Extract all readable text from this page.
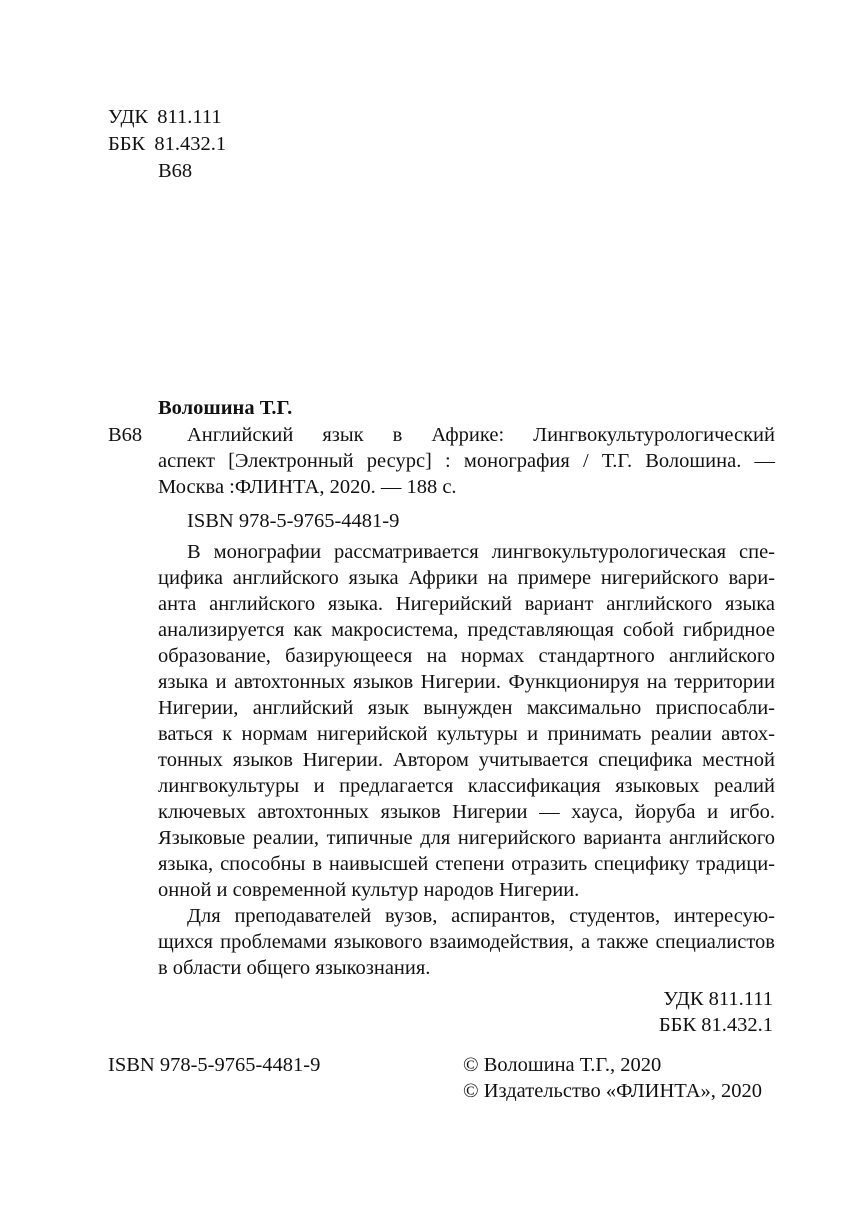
УДК 811.111
ББК 81.432.1
В68
Волошина Т.Г.
В68 Английский язык в Африке: Лингвокультурологический
аспект [Электронный ресурс] : монография / Т.Г. Волошина. —
Москва :ФЛИНТА, 2020. — 188 с.
ISBN 978-5-9765-4481-9
В монографии рассматривается лингвокультурологическая спе-
цифика английского языка Африки на примере нигерийского вари-
анта английского языка. Нигерийский вариант английского языка
анализируется как макросистема, представляющая собой гибридное
образование, базирующееся на нормах стандартного английского
языка и автохтонных языков Нигерии. Функционируя на территории
Нигерии, английский язык вынужден максимально приспосабли-
ваться к нормам нигерийской культуры и принимать реалии автох-
тонных языков Нигерии. Автором учитывается специфика местной
лингвокультуры и предлагается классификация языковых реалий
ключевых автохтонных языков Нигерии — хауса, йоруба и игбо.
Языковые реалии, типичные для нигерийского варианта английского
языка, способны в наивысшей степени отразить специфику традици-
онной и современной культур народов Нигерии.
Для преподавателей вузов, аспирантов, студентов, интересую-
щихся проблемами языкового взаимодействия, а также специалистов
в области общего языкознания.
УДК 811.111
ББК 81.432.1
ISBN 978-5-9765-4481-9	© Волошина Т.Г., 2020
© Издательство «ФЛИНТА», 2020
